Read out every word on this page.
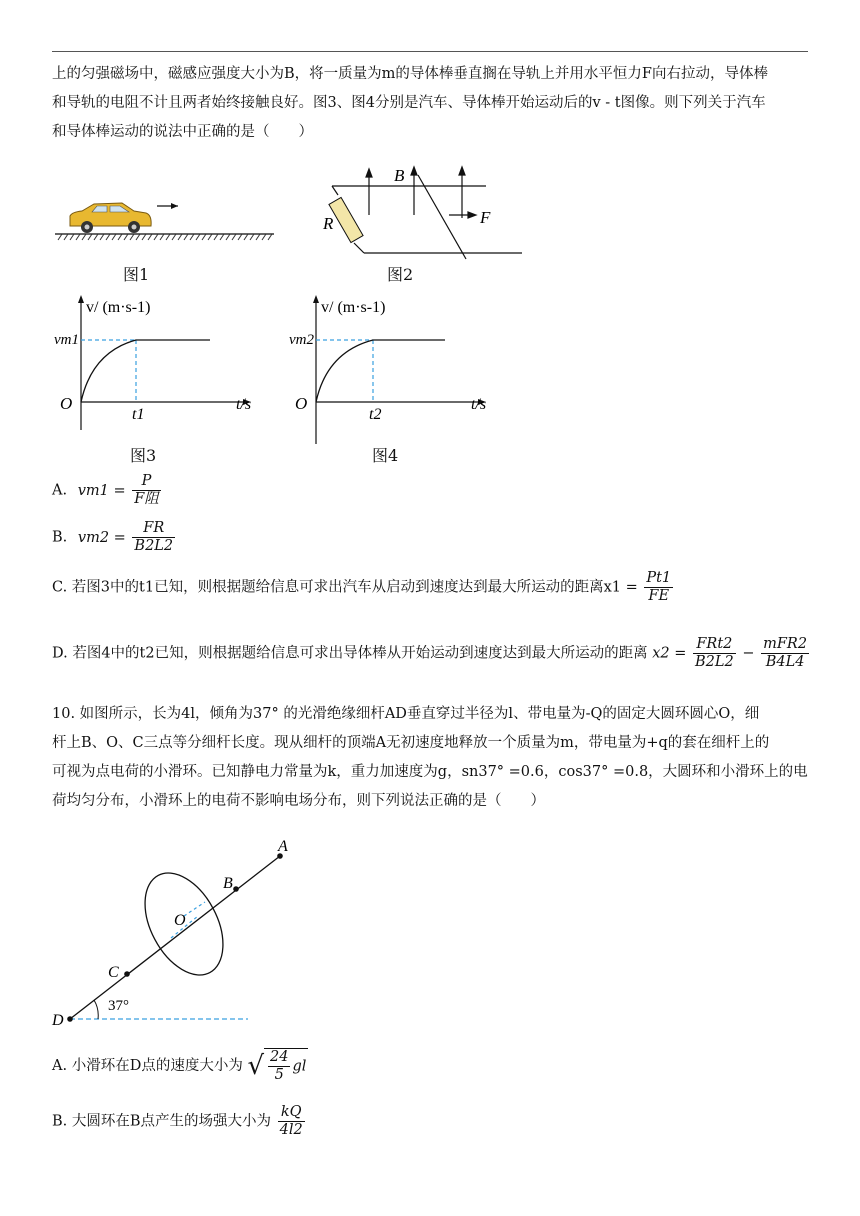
上的匀强磁场中，磁感应强度大小为B，将一质量为m的导体棒垂直搁在导轨上并用水平恒力F向右拉动，导体棒
和导轨的电阻不计且两者始终接触良好。图3、图4分别是汽车、导体棒开始运动后的v - t图像。则下列关于汽车
和导体棒运动的说法中正确的是（　　）
图1
B
R	F
图2
v/ (m·s-1)
vm1
O
t1
t/s
图3
v/ (m·s-1)
vm2
O
t2
t/s
图4
A. $vm1 = \frac{P}{\text{F阻}}$
B. $vm2 = \frac{FR}{B2L2}$
C. 若图3中的t1已知，则根据题给信息可求出汽车从启动到速度达到最大所运动的距离$x1 = \frac{Pt1}{FE}$
D. 若图4中的t2已知，则根据题给信息可求出导体棒从开始运动到速度达到最大所运动的距离 $x2 = \frac{\text{FRt2}}{B2L2} - \frac{\text{mFR2}}{B4L4}$
10. 如图所示，长为4l，倾角为37° 的光滑绝缘细杆AD垂直穿过半径为l、带电量为-Q的固定大圆环圆心O，细
杆上B、O、C三点等分细杆长度。现从细杆的顶端A无初速度地释放一个质量为m，带电量为+q的套在细杆上的
可视为点电荷的小滑环。已知静电力常量为k，重力加速度为g，sn37° =0.6，cos37° =0.8，大圆环和小滑环上的电
荷均匀分布，小滑环上的电荷不影响电场分布，则下列说法正确的是（　　）
D
C
O
B
A
37°
A. 小滑环在D点的速度大小为 √ $\frac{24}{5}$ gl
B. 大圆环在B点产生的场强大小为 $\frac{kQ}{4l2}$
